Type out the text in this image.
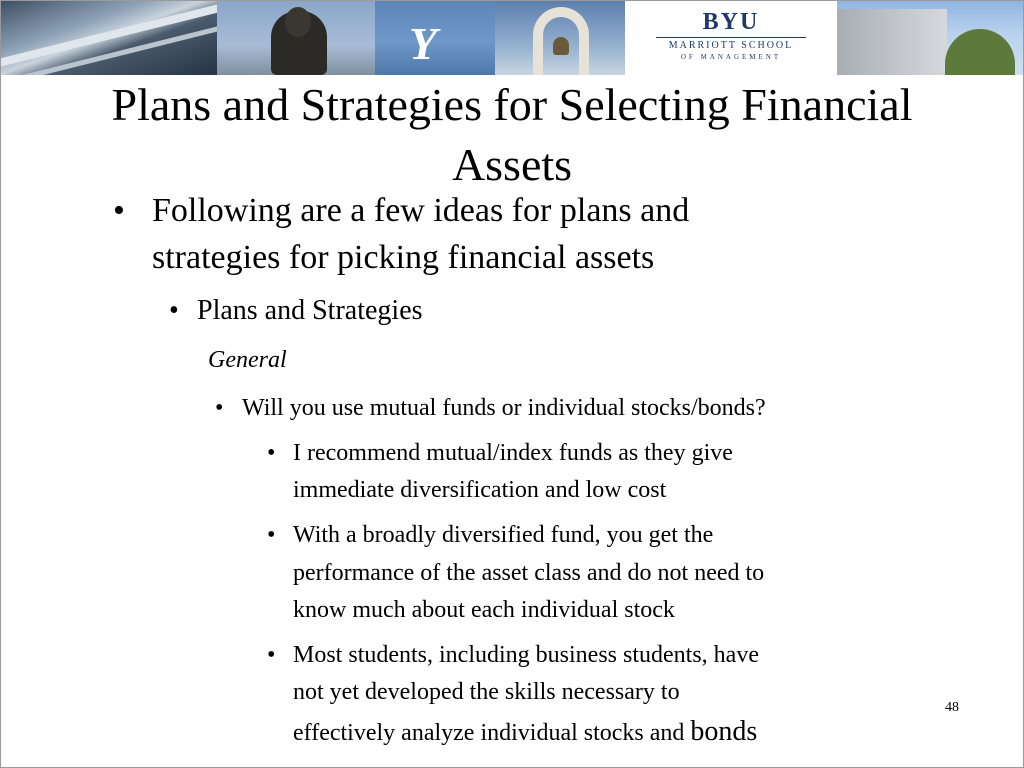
Y	BYU
MARRIOTT SCHOOL
OF MANAGEMENT
Plans and Strategies for Selecting Financial
Assets
• Following are a few ideas for plans and
strategies for picking financial assets
• Plans and Strategies
General
• Will you use mutual funds or individual stocks/bonds?
• I recommend mutual/index funds as they give
immediate diversification and low cost
• With a broadly diversified fund, you get the
performance of the asset class and do not need to
know much about each individual stock
• Most students, including business students, have
not yet developed the skills necessary to
effectively analyze individual stocks and bonds
48
